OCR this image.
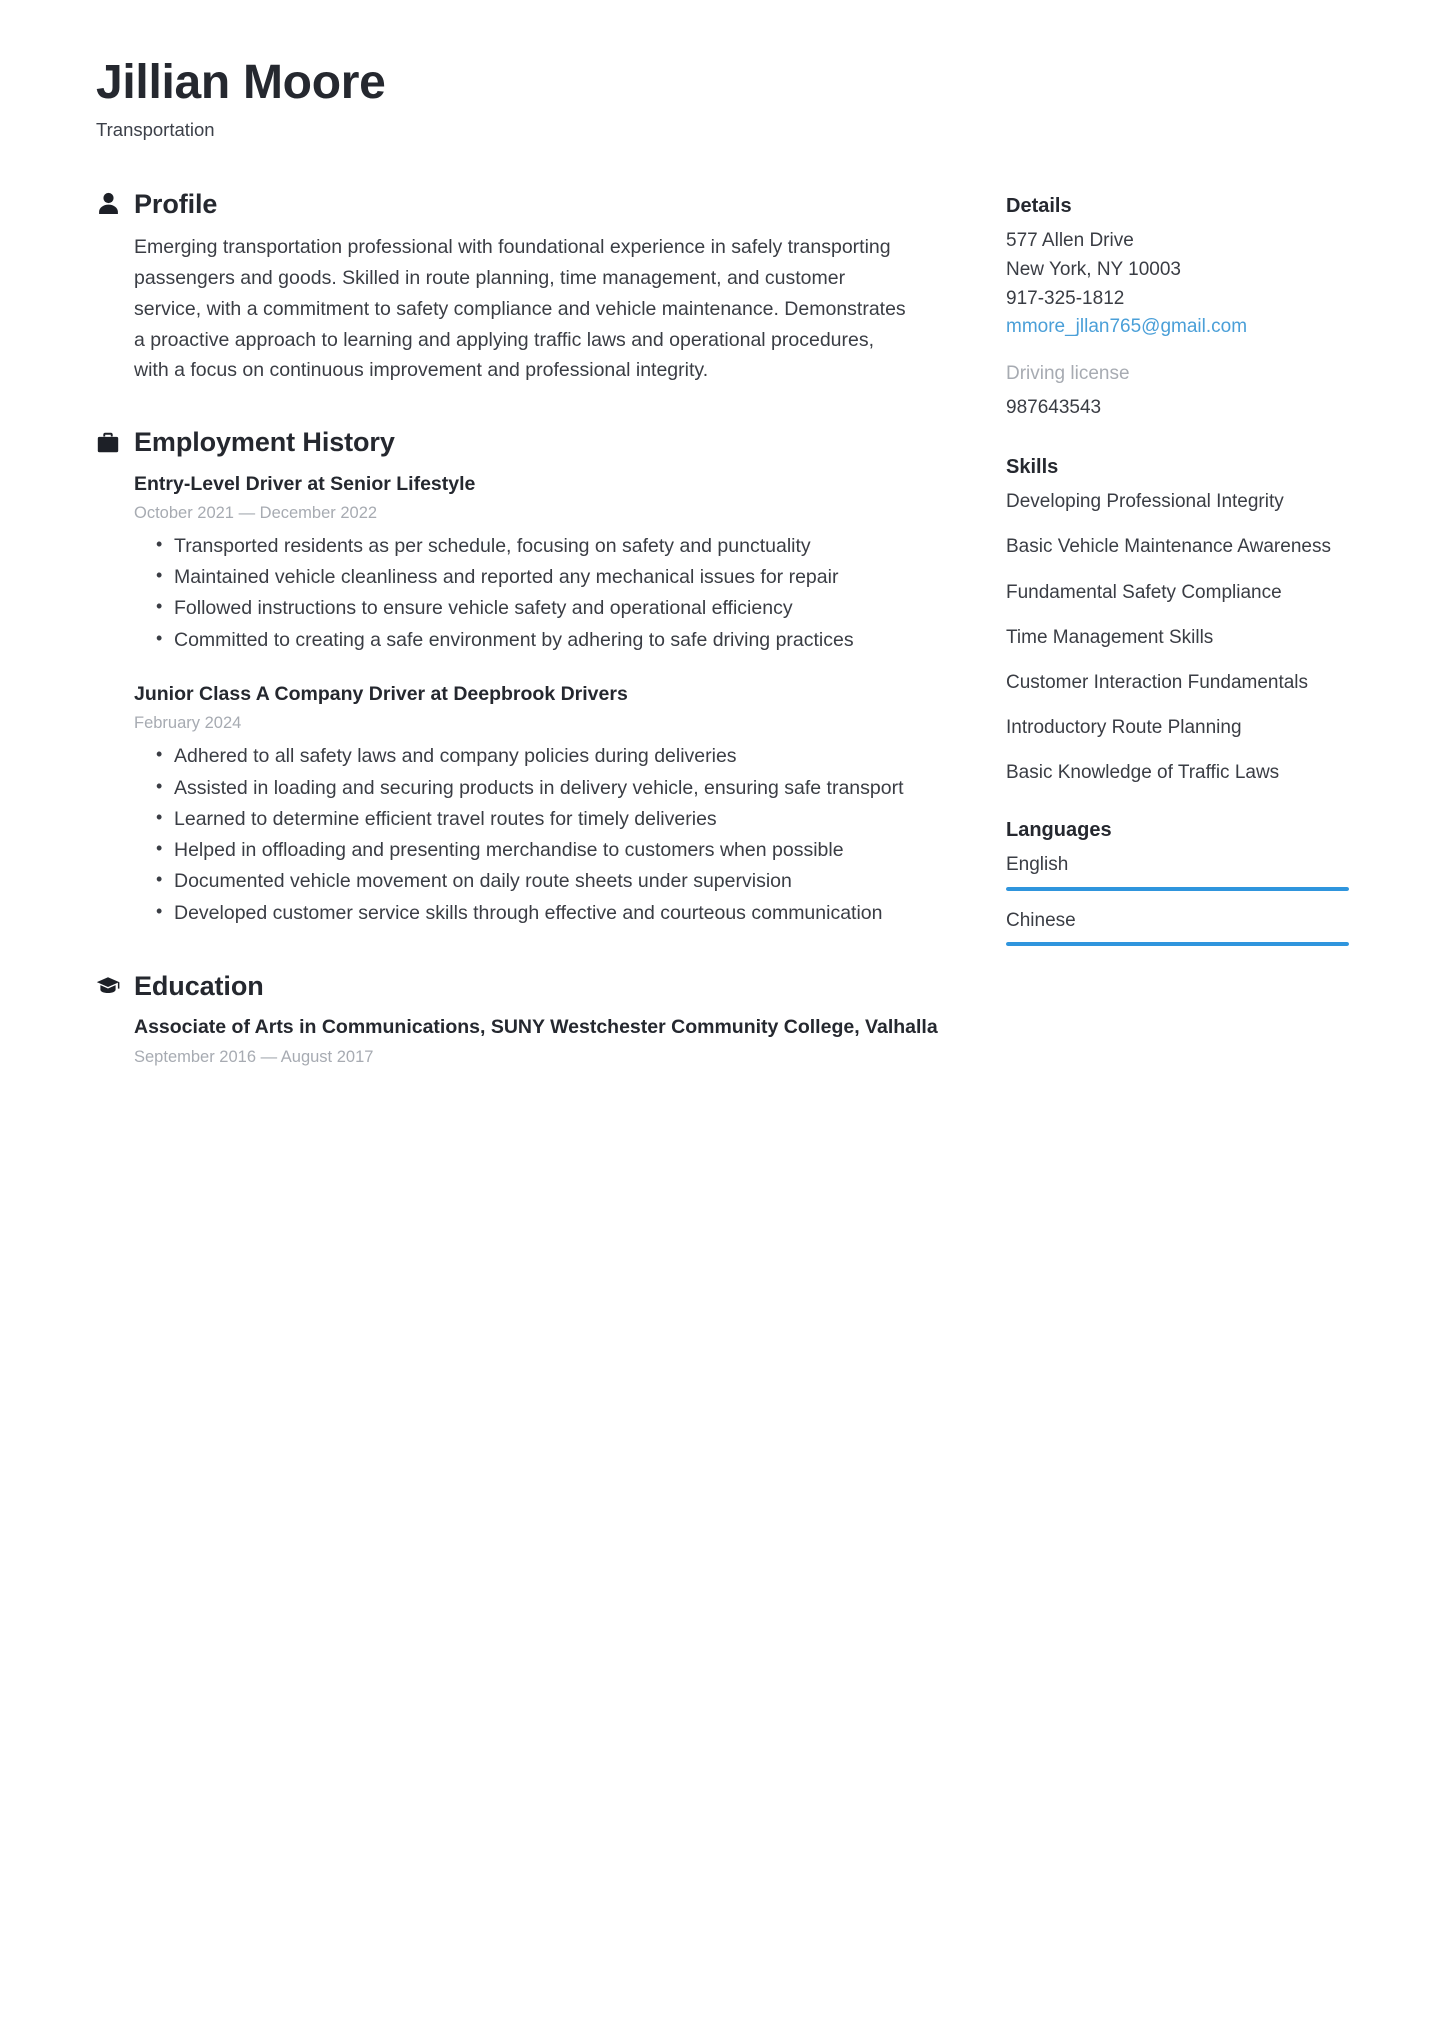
Jillian Moore
Transportation
Profile

Emerging transportation professional with foundational experience in safely transporting passengers and goods. Skilled in route planning, time management, and customer service, with a commitment to safety compliance and vehicle maintenance. Demonstrates a proactive approach to learning and applying traffic laws and operational procedures, with a focus on continuous improvement and professional integrity.

Employment History
Entry-Level Driver at Senior Lifestyle
October 2021 — December 2022
• Transported residents as per schedule, focusing on safety and punctuality
• Maintained vehicle cleanliness and reported any mechanical issues for repair
• Followed instructions to ensure vehicle safety and operational efficiency
• Committed to creating a safe environment by adhering to safe driving practices
Junior Class A Company Driver at Deepbrook Drivers
February 2024
• Adhered to all safety laws and company policies during deliveries
• Assisted in loading and securing products in delivery vehicle, ensuring safe transport
• Learned to determine efficient travel routes for timely deliveries
• Helped in offloading and presenting merchandise to customers when possible
• Documented vehicle movement on daily route sheets under supervision
• Developed customer service skills through effective and courteous communication
Education
Associate of Arts in Communications, SUNY Westchester Community College, Valhalla
September 2016 — August 2017
Details
577 Allen Drive
New York, NY 10003
917-325-1812
mmore_jllan765@gmail.com
Driving license
987643543
Skills
Developing Professional Integrity
Basic Vehicle Maintenance Awareness
Fundamental Safety Compliance
Time Management Skills
Customer Interaction Fundamentals
Introductory Route Planning
Basic Knowledge of Traffic Laws
Languages
English
Chinese
